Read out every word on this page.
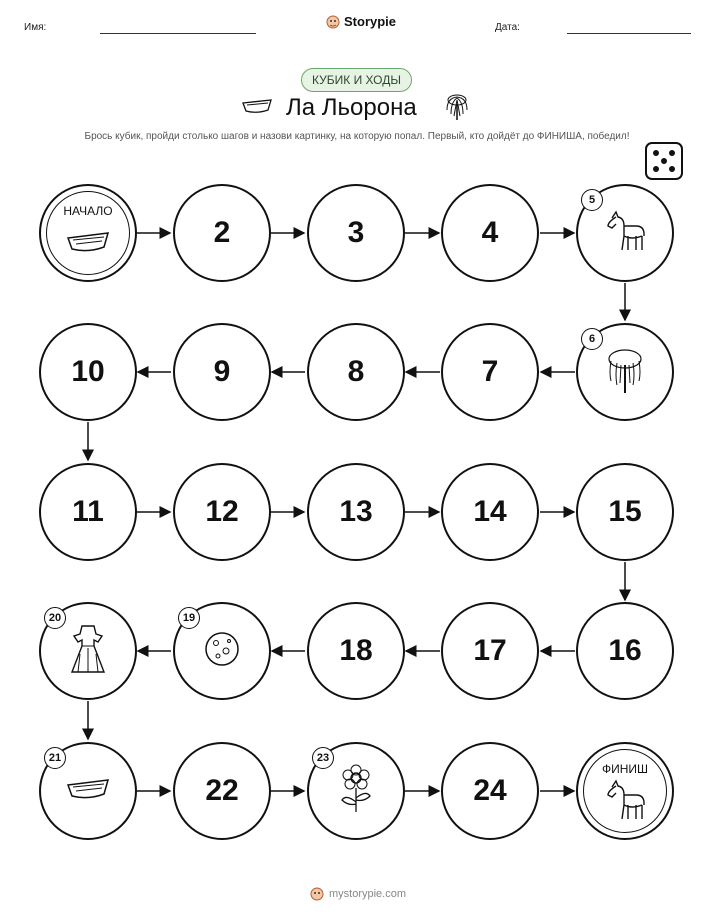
Имя:	Storypie	Дата:
КУБИК И ХОДЫ
Ла Льорона
Брось кубик, пройди столько шагов и назови картинку, на которую попал. Первый, кто дойдёт до ФИНИША, победил!
НАЧАЛО
2	3	4
5
6
7
8
9
10
11	12	13	14	15
16
17
18
19
20
21
22
23
24
ФИНИШ
mystorypie.com
